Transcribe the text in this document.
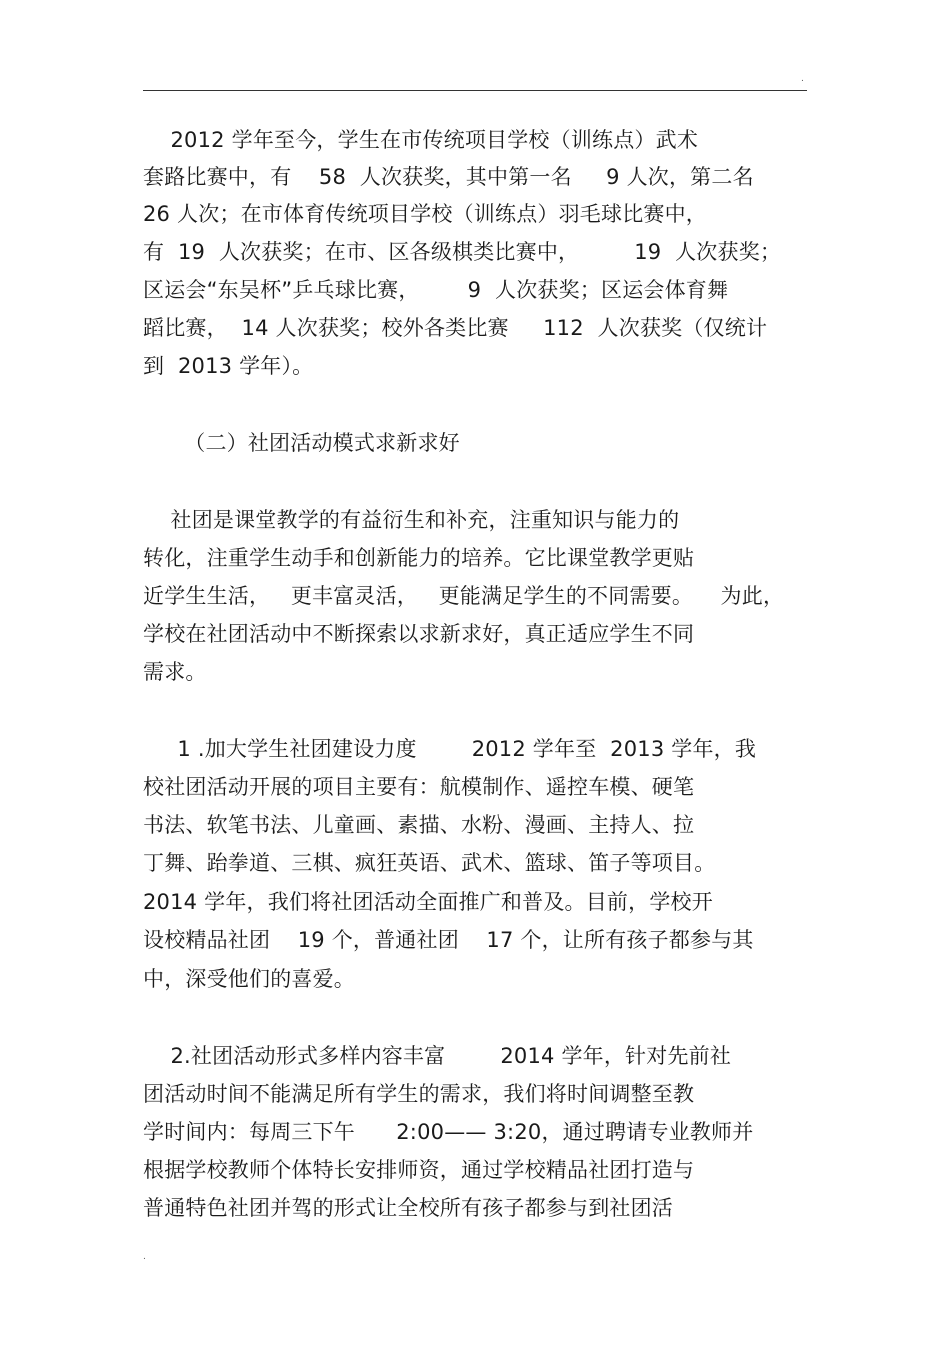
.
2012 学年至今，学生在市传统项目学校（训练点）武术
套路比赛中，有    58  人次获奖，其中第一名     9 人次，第二名
26 人次；在市体育传统项目学校（训练点）羽毛球比赛中，
有  19  人次获奖；在市、区各级棋类比赛中，        19  人次获奖；
区运会“东吴杯”乒乓球比赛，       9  人次获奖；区运会体育舞
蹈比赛，  14 人次获奖；校外各类比赛     112  人次获奖（仅统计
到  2013 学年）。
（二）社团活动模式求新求好
社团是课堂教学的有益衍生和补充，注重知识与能力的
转化，注重学生动手和创新能力的培养。它比课堂教学更贴
近学生生活，   更丰富灵活，   更能满足学生的不同需要。    为此，
学校在社团活动中不断探索以求新求好，真正适应学生不同
需求。
1 .加大学生社团建设力度        2012 学年至  2013 学年，我
校社团活动开展的项目主要有：航模制作、遥控车模、硬笔
书法、软笔书法、儿童画、素描、水粉、漫画、主持人、拉
丁舞、跆拳道、三棋、疯狂英语、武术、篮球、笛子等项目。
2014 学年，我们将社团活动全面推广和普及。目前，学校开
设校精品社团    19 个，普通社团    17 个，让所有孩子都参与其
中，深受他们的喜爱。
2.社团活动形式多样内容丰富        2014 学年，针对先前社
团活动时间不能满足所有学生的需求，我们将时间调整至教
学时间内：每周三下午      2:00—— 3:20，通过聘请专业教师并
根据学校教师个体特长安排师资，通过学校精品社团打造与
普通特色社团并驾的形式让全校所有孩子都参与到社团活
.
